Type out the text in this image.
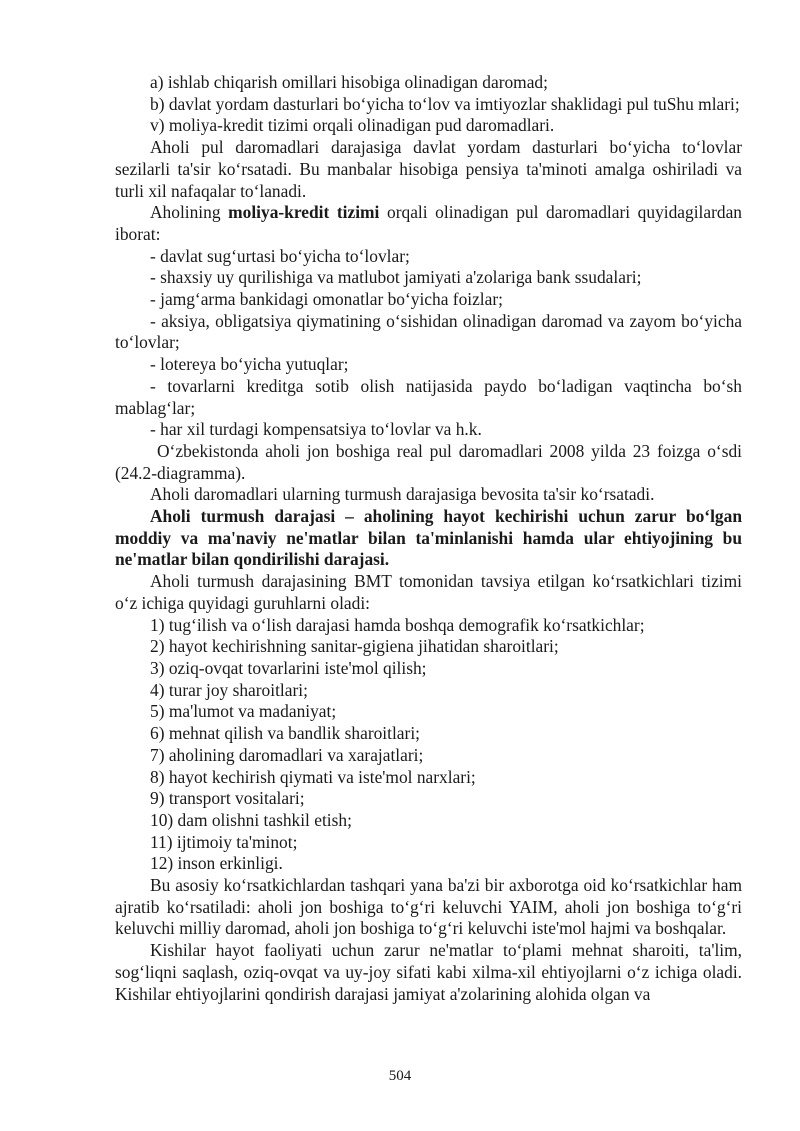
a) ishlab chiqarish omillari hisobiga olinadigan daromad;

b) davlat yordam dasturlari bo‘yicha to‘lov va imtiyozlar shaklidagi pul tuShu mlari;

v) moliya-kredit tizimi orqali olinadigan pud daromadlari.

Aholi pul daromadlari darajasiga davlat yordam dasturlari bo‘yicha to‘lovlar sezilarli ta'sir ko‘rsatadi. Bu manbalar hisobiga pensiya ta'minoti amalga oshiriladi va turli xil nafaqalar to‘lanadi.

Aholining moliya-kredit tizimi orqali olinadigan pul daromadlari quyidagilardan iborat:

- davlat sug‘urtasi bo‘yicha to‘lovlar;

- shaxsiy uy qurilishiga va matlubot jamiyati a'zolariga bank ssudalari;

- jamg‘arma bankidagi omonatlar bo‘yicha foizlar;

- aksiya, obligatsiya qiymatining o‘sishidan olinadigan daromad va zayom bo‘yicha to‘lovlar;

- lotereya bo‘yicha yutuqlar;

- tovarlarni kreditga sotib olish natijasida paydo bo‘ladigan vaqtincha bo‘sh mablag‘lar;

- har xil turdagi kompensatsiya to‘lovlar va h.k.

O‘zbekistonda aholi jon boshiga real pul daromadlari 2008 yilda 23 foizga o‘sdi (24.2-diagramma).

Aholi daromadlari ularning turmush darajasiga bevosita ta'sir ko‘rsatadi.

Aholi turmush darajasi – aholining hayot kechirishi uchun zarur bo‘lgan moddiy va ma'naviy ne'matlar bilan ta'minlanishi hamda ular ehtiyojining bu ne'matlar bilan qondirilishi darajasi.

Aholi turmush darajasining BMT tomonidan tavsiya etilgan ko‘rsatkichlari tizimi o‘z ichiga quyidagi guruhlarni oladi:

1) tug‘ilish va o‘lish darajasi hamda boshqa demografik ko‘rsatkichlar;

2) hayot kechirishning sanitar-gigiena jihatidan sharoitlari;

3) oziq-ovqat tovarlarini iste'mol qilish;

4) turar joy sharoitlari;

5) ma'lumot va madaniyat;

6) mehnat qilish va bandlik sharoitlari;

7) aholining daromadlari va xarajatlari;

8) hayot kechirish qiymati va iste'mol narxlari;

9) transport vositalari;

10) dam olishni tashkil etish;

11) ijtimoiy ta'minot;

12) inson erkinligi.

Bu asosiy ko‘rsatkichlardan tashqari yana ba'zi bir axborotga oid ko‘rsatkichlar ham ajratib ko‘rsatiladi: aholi jon boshiga to‘g‘ri keluvchi YAIM, aholi jon boshiga to‘g‘ri keluvchi milliy daromad, aholi jon boshiga to‘g‘ri keluvchi iste'mol hajmi va boshqalar.

Kishilar hayot faoliyati uchun zarur ne'matlar to‘plami mehnat sharoiti, ta'lim, sog‘liqni saqlash, oziq-ovqat va uy-joy sifati kabi xilma-xil ehtiyojlarni o‘z ichiga oladi. Kishilar ehtiyojlarini qondirish darajasi jamiyat a'zolarining alohida olgan va

504
